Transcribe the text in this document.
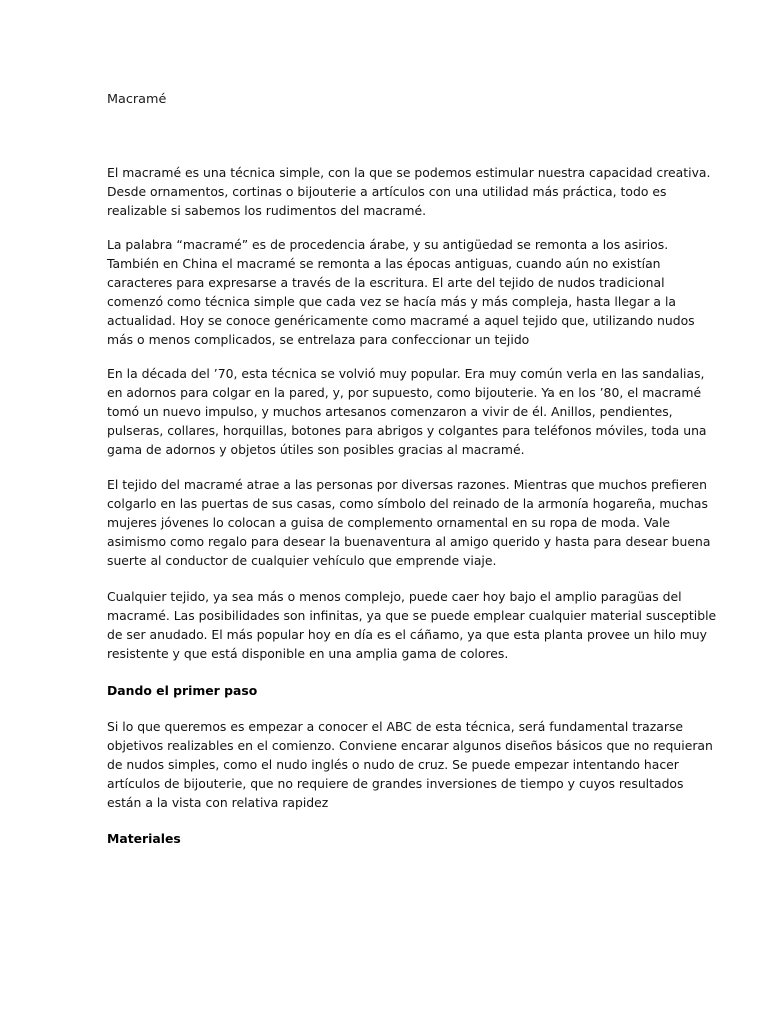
Macramé

El macramé es una técnica simple, con la que se podemos estimular nuestra capacidad creativa.
Desde ornamentos, cortinas o bijouterie a artículos con una utilidad más práctica, todo es
realizable si sabemos los rudimentos del macramé.

La palabra “macramé” es de procedencia árabe, y su antigüedad se remonta a los asirios.
También en China el macramé se remonta a las épocas antiguas, cuando aún no existían
caracteres para expresarse a través de la escritura. El arte del tejido de nudos tradicional
comenzó como técnica simple que cada vez se hacía más y más compleja, hasta llegar a la
actualidad. Hoy se conoce genéricamente como macramé a aquel tejido que, utilizando nudos
más o menos complicados, se entrelaza para confeccionar un tejido

En la década del ’70, esta técnica se volvió muy popular. Era muy común verla en las sandalias,
en adornos para colgar en la pared, y, por supuesto, como bijouterie. Ya en los ’80, el macramé
tomó un nuevo impulso, y muchos artesanos comenzaron a vivir de él. Anillos, pendientes,
pulseras, collares, horquillas, botones para abrigos y colgantes para teléfonos móviles, toda una
gama de adornos y objetos útiles son posibles gracias al macramé.

El tejido del macramé atrae a las personas por diversas razones. Mientras que muchos prefieren
colgarlo en las puertas de sus casas, como símbolo del reinado de la armonía hogareña, muchas
mujeres jóvenes lo colocan a guisa de complemento ornamental en su ropa de moda. Vale
asimismo como regalo para desear la buenaventura al amigo querido y hasta para desear buena
suerte al conductor de cualquier vehículo que emprende viaje.

Cualquier tejido, ya sea más o menos complejo, puede caer hoy bajo el amplio paragüas del
macramé. Las posibilidades son infinitas, ya que se puede emplear cualquier material susceptible
de ser anudado. El más popular hoy en día es el cáñamo, ya que esta planta provee un hilo muy
resistente y que está disponible en una amplia gama de colores.

Dando el primer paso

Si lo que queremos es empezar a conocer el ABC de esta técnica, será fundamental trazarse
objetivos realizables en el comienzo. Conviene encarar algunos diseños básicos que no requieran
de nudos simples, como el nudo inglés o nudo de cruz. Se puede empezar intentando hacer
artículos de bijouterie, que no requiere de grandes inversiones de tiempo y cuyos resultados
están a la vista con relativa rapidez

Materiales
